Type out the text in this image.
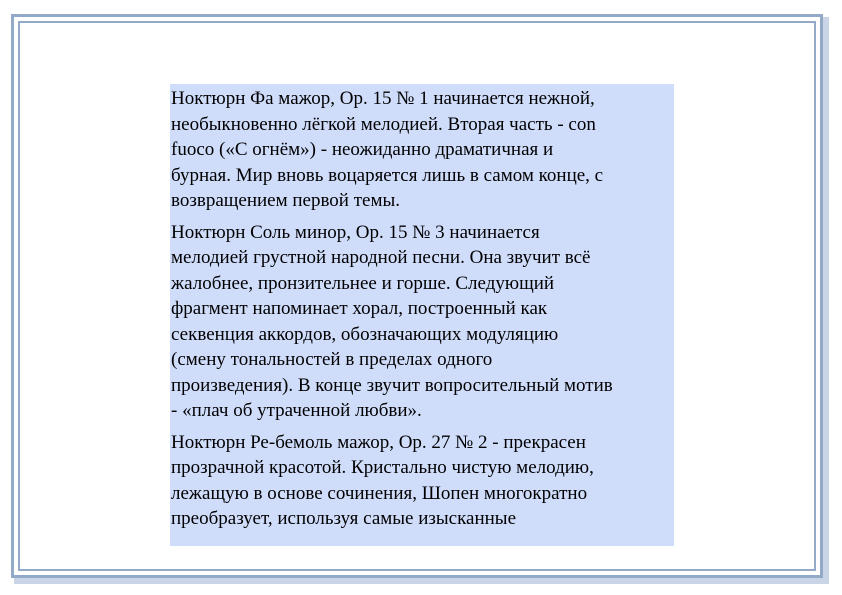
Ноктюрн Фа мажор, Ор. 15 № 1 начинается нежной,
необыкновенно лёгкой мелодией. Вторая часть - con
fuoco («С огнём») - неожиданно драматичная и
бурная. Мир вновь воцаряется лишь в самом конце, с
возвращением первой темы.

Ноктюрн Соль минор, Ор. 15 № 3 начинается
мелодией грустной народной песни. Она звучит всё
жалобнее, пронзительнее и горше. Следующий
фрагмент напоминает хорал, построенный как
секвенция аккордов, обозначающих модуляцию
(смену тональностей в пределах одного
произведения). В конце звучит вопросительный мотив
- «плач об утраченной любви».

Ноктюрн Ре-бемоль мажор, Ор. 27 № 2 - прекрасен
прозрачной красотой. Кристально чистую мелодию,
лежащую в основе сочинения, Шопен многократно
преобразует, используя самые изысканные
